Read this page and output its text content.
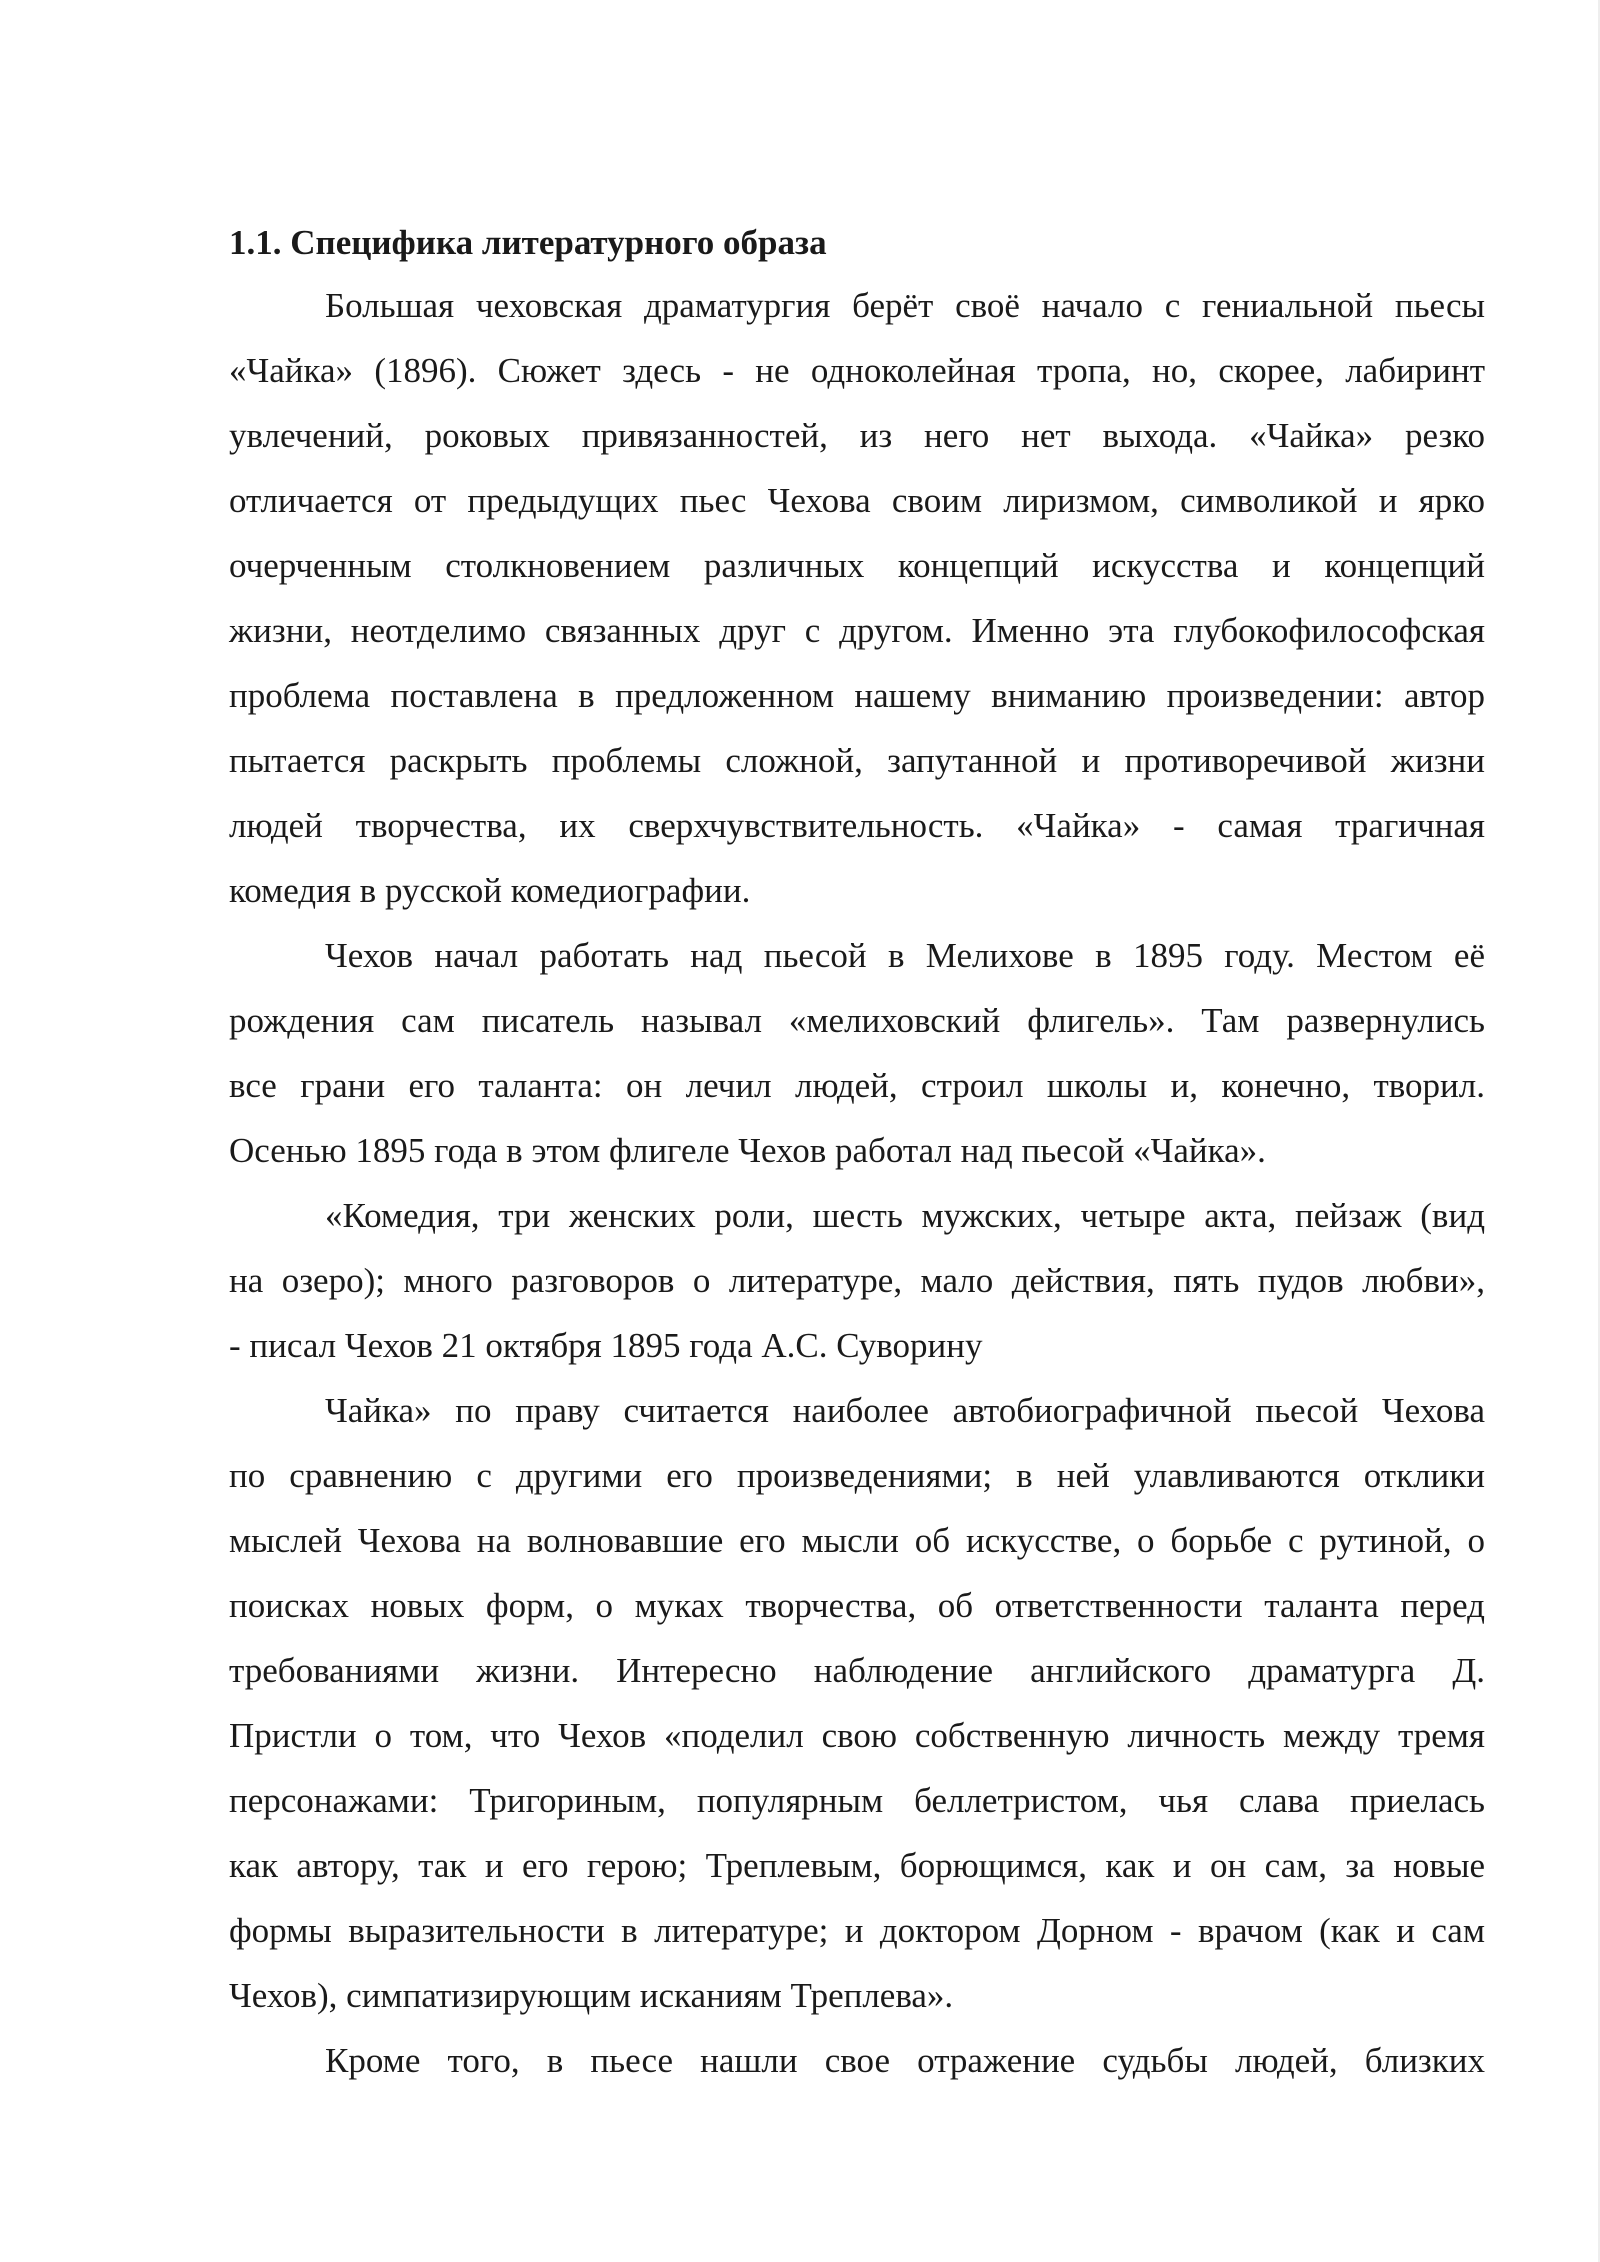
1.1. Специфика литературного образа
Большая чеховская драматургия берёт своё начало с гениальной пьесы
«Чайка» (1896). Сюжет здесь - не одноколейная тропа, но, скорее, лабиринт
увлечений, роковых привязанностей, из него нет выхода. «Чайка» резко
отличается от предыдущих пьес Чехова своим лиризмом, символикой и ярко
очерченным столкновением различных концепций искусства и концепций
жизни, неотделимо связанных друг с другом. Именно эта глубокофилософская
проблема поставлена в предложенном нашему вниманию произведении: автор
пытается раскрыть проблемы сложной, запутанной и противоречивой жизни
людей творчества, их сверхчувствительность. «Чайка» - самая трагичная
комедия в русской комедиографии.
Чехов начал работать над пьесой в Мелихове в 1895 году. Местом её
рождения сам писатель называл «мелиховский флигель». Там развернулись
все грани его таланта: он лечил людей, строил школы и, конечно, творил.
Осенью 1895 года в этом флигеле Чехов работал над пьесой «Чайка».
«Комедия, три женских роли, шесть мужских, четыре акта, пейзаж (вид
на озеро); много разговоров о литературе, мало действия, пять пудов любви»,
- писал Чехов 21 октября 1895 года А.С. Суворину
Чайка» по праву считается наиболее автобиографичной пьесой Чехова
по сравнению с другими его произведениями; в ней улавливаются отклики
мыслей Чехова на волновавшие его мысли об искусстве, о борьбе с рутиной, о
поисках новых форм, о муках творчества, об ответственности таланта перед
требованиями жизни. Интересно наблюдение английского драматурга Д.
Пристли о том, что Чехов «поделил свою собственную личность между тремя
персонажами: Тригориным, популярным беллетристом, чья слава приелась
как автору, так и его герою; Треплевым, борющимся, как и он сам, за новые
формы выразительности в литературе; и доктором Дорном - врачом (как и сам
Чехов), симпатизирующим исканиям Треплева».
Кроме того, в пьесе нашли свое отражение судьбы людей, близких
